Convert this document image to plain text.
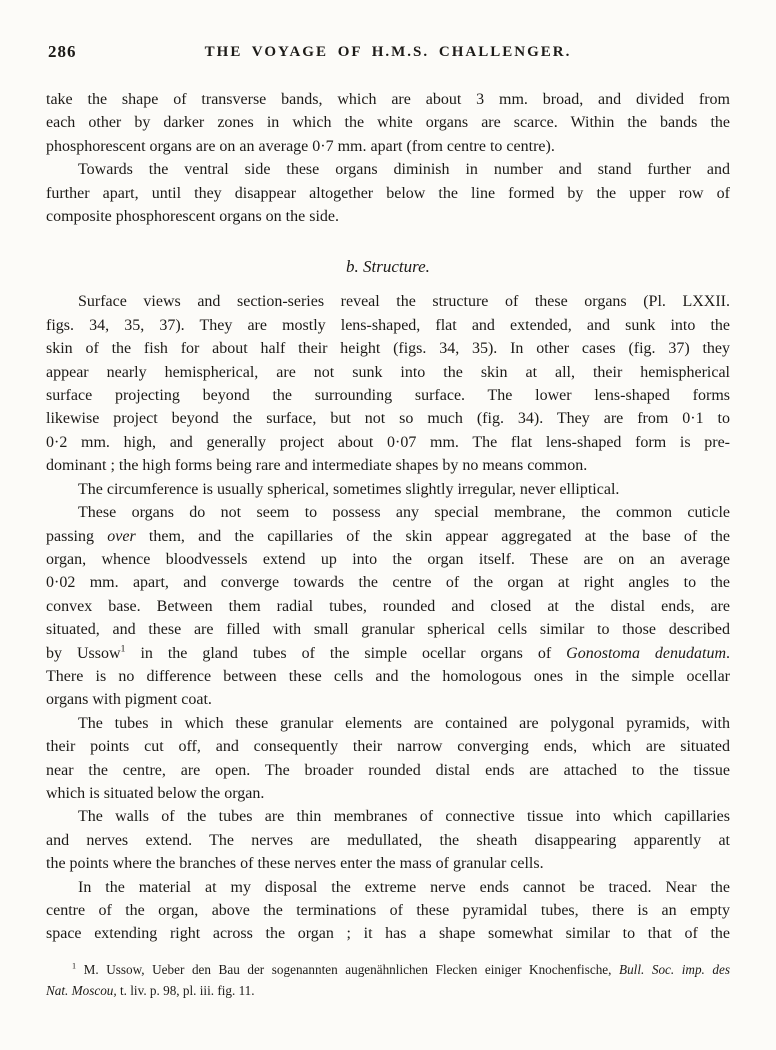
286	THE VOYAGE OF H.M.S. CHALLENGER.
take the shape of transverse bands, which are about 3 mm. broad, and divided from
each other by darker zones in which the white organs are scarce. Within the bands the
phosphorescent organs are on an average 0·7 mm. apart (from centre to centre).
Towards the ventral side these organs diminish in number and stand further and
further apart, until they disappear altogether below the line formed by the upper row of
composite phosphorescent organs on the side.
b. Structure.
Surface views and section-series reveal the structure of these organs (Pl. LXXII.
figs. 34, 35, 37). They are mostly lens-shaped, flat and extended, and sunk into the
skin of the fish for about half their height (figs. 34, 35). In other cases (fig. 37) they
appear nearly hemispherical, are not sunk into the skin at all, their hemispherical
surface projecting beyond the surrounding surface. The lower lens-shaped forms
likewise project beyond the surface, but not so much (fig. 34). They are from 0·1 to
0·2 mm. high, and generally project about 0·07 mm. The flat lens-shaped form is pre-
dominant ; the high forms being rare and intermediate shapes by no means common.
The circumference is usually spherical, sometimes slightly irregular, never elliptical.
These organs do not seem to possess any special membrane, the common cuticle
passing over them, and the capillaries of the skin appear aggregated at the base of the
organ, whence bloodvessels extend up into the organ itself. These are on an average
0·02 mm. apart, and converge towards the centre of the organ at right angles to the
convex base. Between them radial tubes, rounded and closed at the distal ends, are
situated, and these are filled with small granular spherical cells similar to those described
by Ussow$^1$ in the gland tubes of the simple ocellar organs of Gonostoma denudatum.
There is no difference between these cells and the homologous ones in the simple ocellar
organs with pigment coat.
The tubes in which these granular elements are contained are polygonal pyramids, with
their points cut off, and consequently their narrow converging ends, which are situated
near the centre, are open. The broader rounded distal ends are attached to the tissue
which is situated below the organ.
The walls of the tubes are thin membranes of connective tissue into which capillaries
and nerves extend. The nerves are medullated, the sheath disappearing apparently at
the points where the branches of these nerves enter the mass of granular cells.
In the material at my disposal the extreme nerve ends cannot be traced. Near the
centre of the organ, above the terminations of these pyramidal tubes, there is an empty
space extending right across the organ ; it has a shape somewhat similar to that of the
$^1$ M. Ussow, Ueber den Bau der sogenannten augenähnlichen Flecken einiger Knochenfische, Bull. Soc. imp. des
Nat. Moscou, t. liv. p. 98, pl. iii. fig. 11.
